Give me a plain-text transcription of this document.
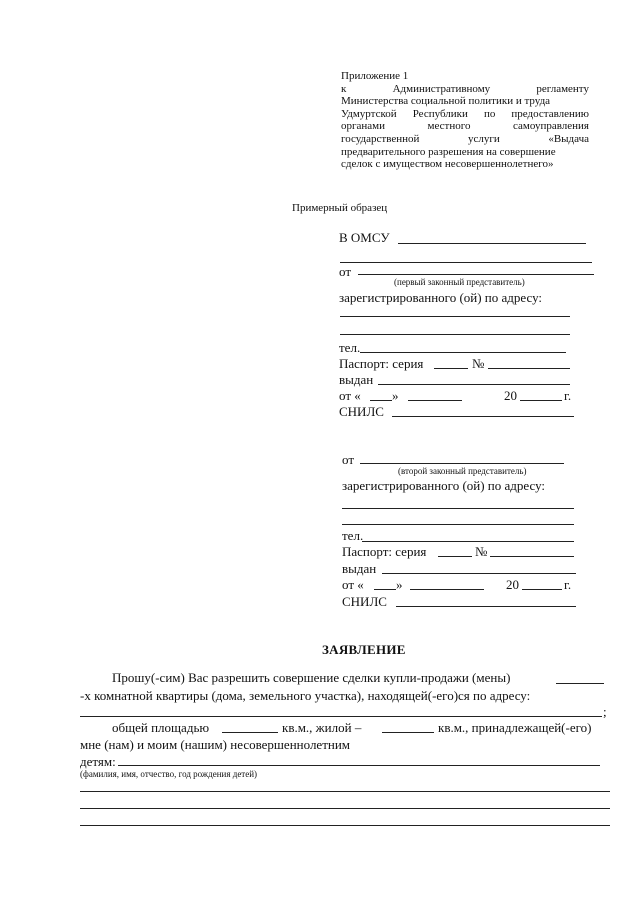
Приложение 1
к	Административному	регламенту
Министерства социальной политики и труда
Удмуртской Республики по предоставлению
органами	местного	самоуправления
государственной	услуги	«Выдача
предварительного разрешения на совершение
сделок с имуществом несовершеннолетнего»
Примерный образец
В ОМСУ
от
(первый законный представитель)
зарегистрированного (ой) по адресу:
тел.
Паспорт: серия	№
выдан
от « »	20	г.
СНИЛС
от
(второй законный представитель)
зарегистрированного (ой) по адресу:
тел.
Паспорт: серия	№
выдан
от « »	20	г.
СНИЛС
ЗАЯВЛЕНИЕ
Прошу(-сим) Вас разрешить совершение сделки купли-продажи (мены)
-х комнатной квартиры (дома, земельного участка), находящей(-его)ся по адресу:
;
общей площадью	кв.м., жилой –	кв.м., принадлежащей(-его)
мне (нам) и моим (нашим) несовершеннолетним
детям:
(фамилия, имя, отчество, год рождения детей)
